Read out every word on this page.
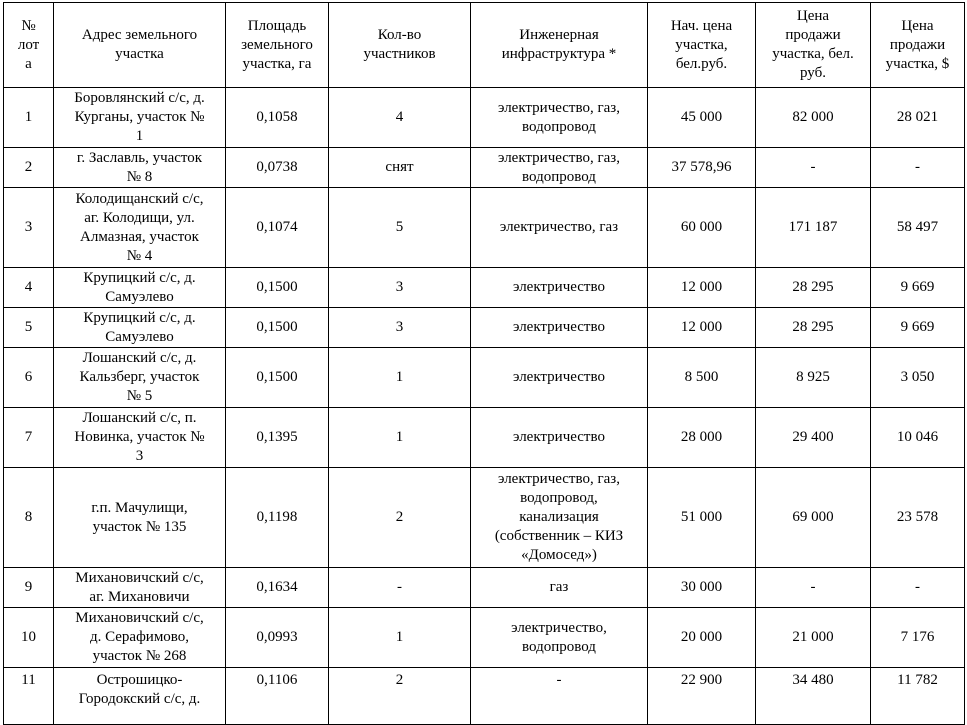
№
лот
а	Адрес земельного
участка	Площадь
земельного
участка, га	Кол-во
участников	Инженерная
инфраструктура *	Нач. цена
участка,
бел.руб.	Цена
продажи
участка, бел.
руб.	Цена
продажи
участка, $
1	Боровлянский с/с, д.
Курганы, участок №
1	0,1058	4	электричество, газ,
водопровод	45 000	82 000	28 021
2	г. Заславль, участок
№ 8	0,0738	снят	электричество, газ,
водопровод	37 578,96	-	-
3	Колодищанский с/с,
аг. Колодищи, ул.
Алмазная, участок
№ 4	0,1074	5	электричество, газ	60 000	171 187	58 497
4	Крупицкий с/с, д.
Самуэлево	0,1500	3	электричество	12 000	28 295	9 669
5	Крупицкий с/с, д.
Самуэлево	0,1500	3	электричество	12 000	28 295	9 669
6	Лошанский с/с, д.
Кальзберг, участок
№ 5	0,1500	1	электричество	8 500	8 925	3 050
7	Лошанский с/с, п.
Новинка, участок №
3	0,1395	1	электричество	28 000	29 400	10 046
8	г.п. Мачулищи,
участок № 135	0,1198	2	электричество, газ,
водопровод,
канализация
(собственник – КИЗ
«Домосед»)	51 000	69 000	23 578
9	Михановичский с/с,
аг. Михановичи	0,1634	-	газ	30 000	-	-
10	Михановичский с/с,
д. Серафимово,
участок № 268	0,0993	1	электричество,
водопровод	20 000	21 000	7 176
11	Острошицко-
Городокский с/с, д.	0,1106	2	-	22 900	34 480	11 782
